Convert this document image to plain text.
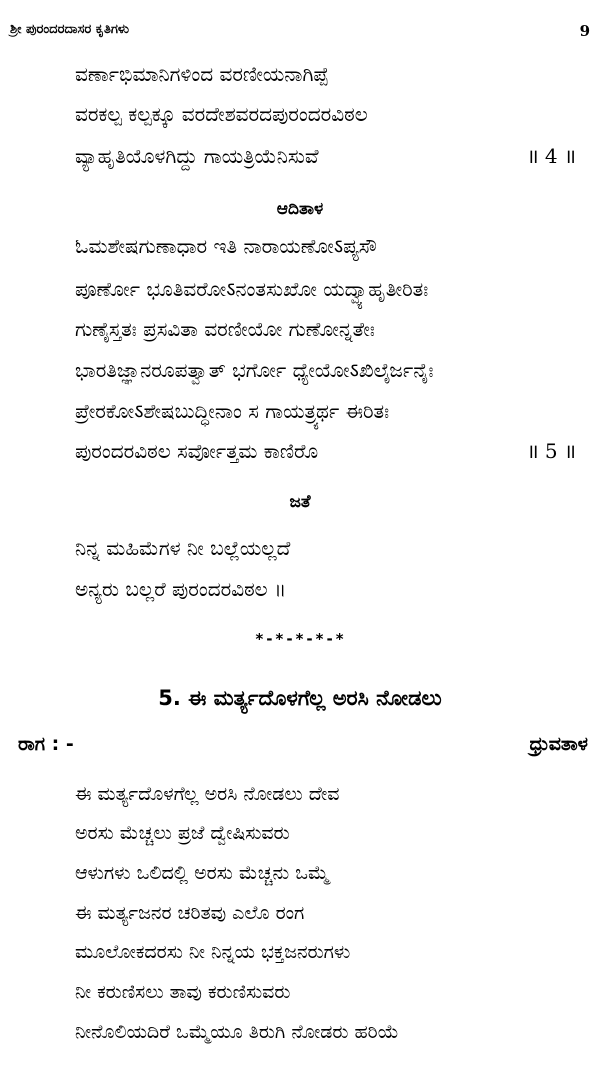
ಶ್ರೀ ಪುರಂದರದಾಸರ ಕೃತಿಗಳು	9
ವರ್ಣಾಭಿಮಾನಿಗಳಿಂದ ವರಣೀಯನಾಗಿಪ್ಪೆ
ವರಕಲ್ಪ ಕಲ್ಪಕ್ಕೂ ವರದೇಶವರದಪುರಂದರವಿಠಲ
ವ್ಯಾಹೃತಿಯೊಳಗಿದ್ದು ಗಾಯತ್ರಿಯೆನಿಸುವೆ	॥ 4 ॥
ಆದಿತಾಳ
ಓಮಶೇಷಗುಣಾಧಾರ ಇತಿ ನಾರಾಯಣೋऽಪ್ಯಸೌ
ಪೂರ್ಣೋ ಭೂತಿವರೋऽನಂತಸುಖೋ ಯದ್ವ್ಯಾಹೃತೀರಿತಃ
ಗುಣೈಸ್ತತಃ ಪ್ರಸವಿತಾ ವರಣೀಯೋ ಗುಣೋನ್ನತೇಃ
ಭಾರತಿಜ್ಞಾನರೂಪತ್ವಾತ್ ಭರ್ಗೋ ಧ್ಯೇಯೋऽಖಿಲೈರ್ಜನೈಃ
ಪ್ರೇರಕೋऽಶೇಷಬುದ್ಧೀನಾಂ ಸ ಗಾಯತ್ರ್ಯರ್ಥ ಈರಿತಃ
ಪುರಂದರವಿಠಲ ಸರ್ವೋತ್ತಮ ಕಾಣಿರೊ	॥ 5 ॥
ಜತೆ
ನಿನ್ನ ಮಹಿಮೆಗಳ ನೀ ಬಲ್ಲೆಯಲ್ಲದೆ
ಅನ್ಯರು ಬಲ್ಲರೆ ಪುರಂದರವಿಠಲ ॥
*-*-*-*-*
5. ಈ ಮರ್ತ್ಯದೊಳಗೆಲ್ಲ ಅರಸಿ ನೋಡಲು
ರಾಗ : -	ಧ್ರುವತಾಳ
ಈ ಮರ್ತ್ಯದೊಳಗೆಲ್ಲ ಅರಸಿ ನೋಡಲು ದೇವ
ಅರಸು ಮೆಚ್ಚಲು ಪ್ರಜೆ ದ್ವೇಷಿಸುವರು
ಆಳುಗಳು ಒಲಿದಲ್ಲಿ ಅರಸು ಮೆಚ್ಚನು ಒಮ್ಮೆ
ಈ ಮರ್ತ್ಯಜನರ ಚರಿತವು ಎಲೊ ರಂಗ
ಮೂಲೋಕದರಸು ನೀ ನಿನ್ನಯ ಭಕ್ತಜನರುಗಳು
ನೀ ಕರುಣಿಸಲು ತಾವು ಕರುಣಿಸುವರು
ನೀನೊಲಿಯದಿರೆ ಒಮ್ಮೆಯೂ ತಿರುಗಿ ನೋಡರು ಹರಿಯೆ
